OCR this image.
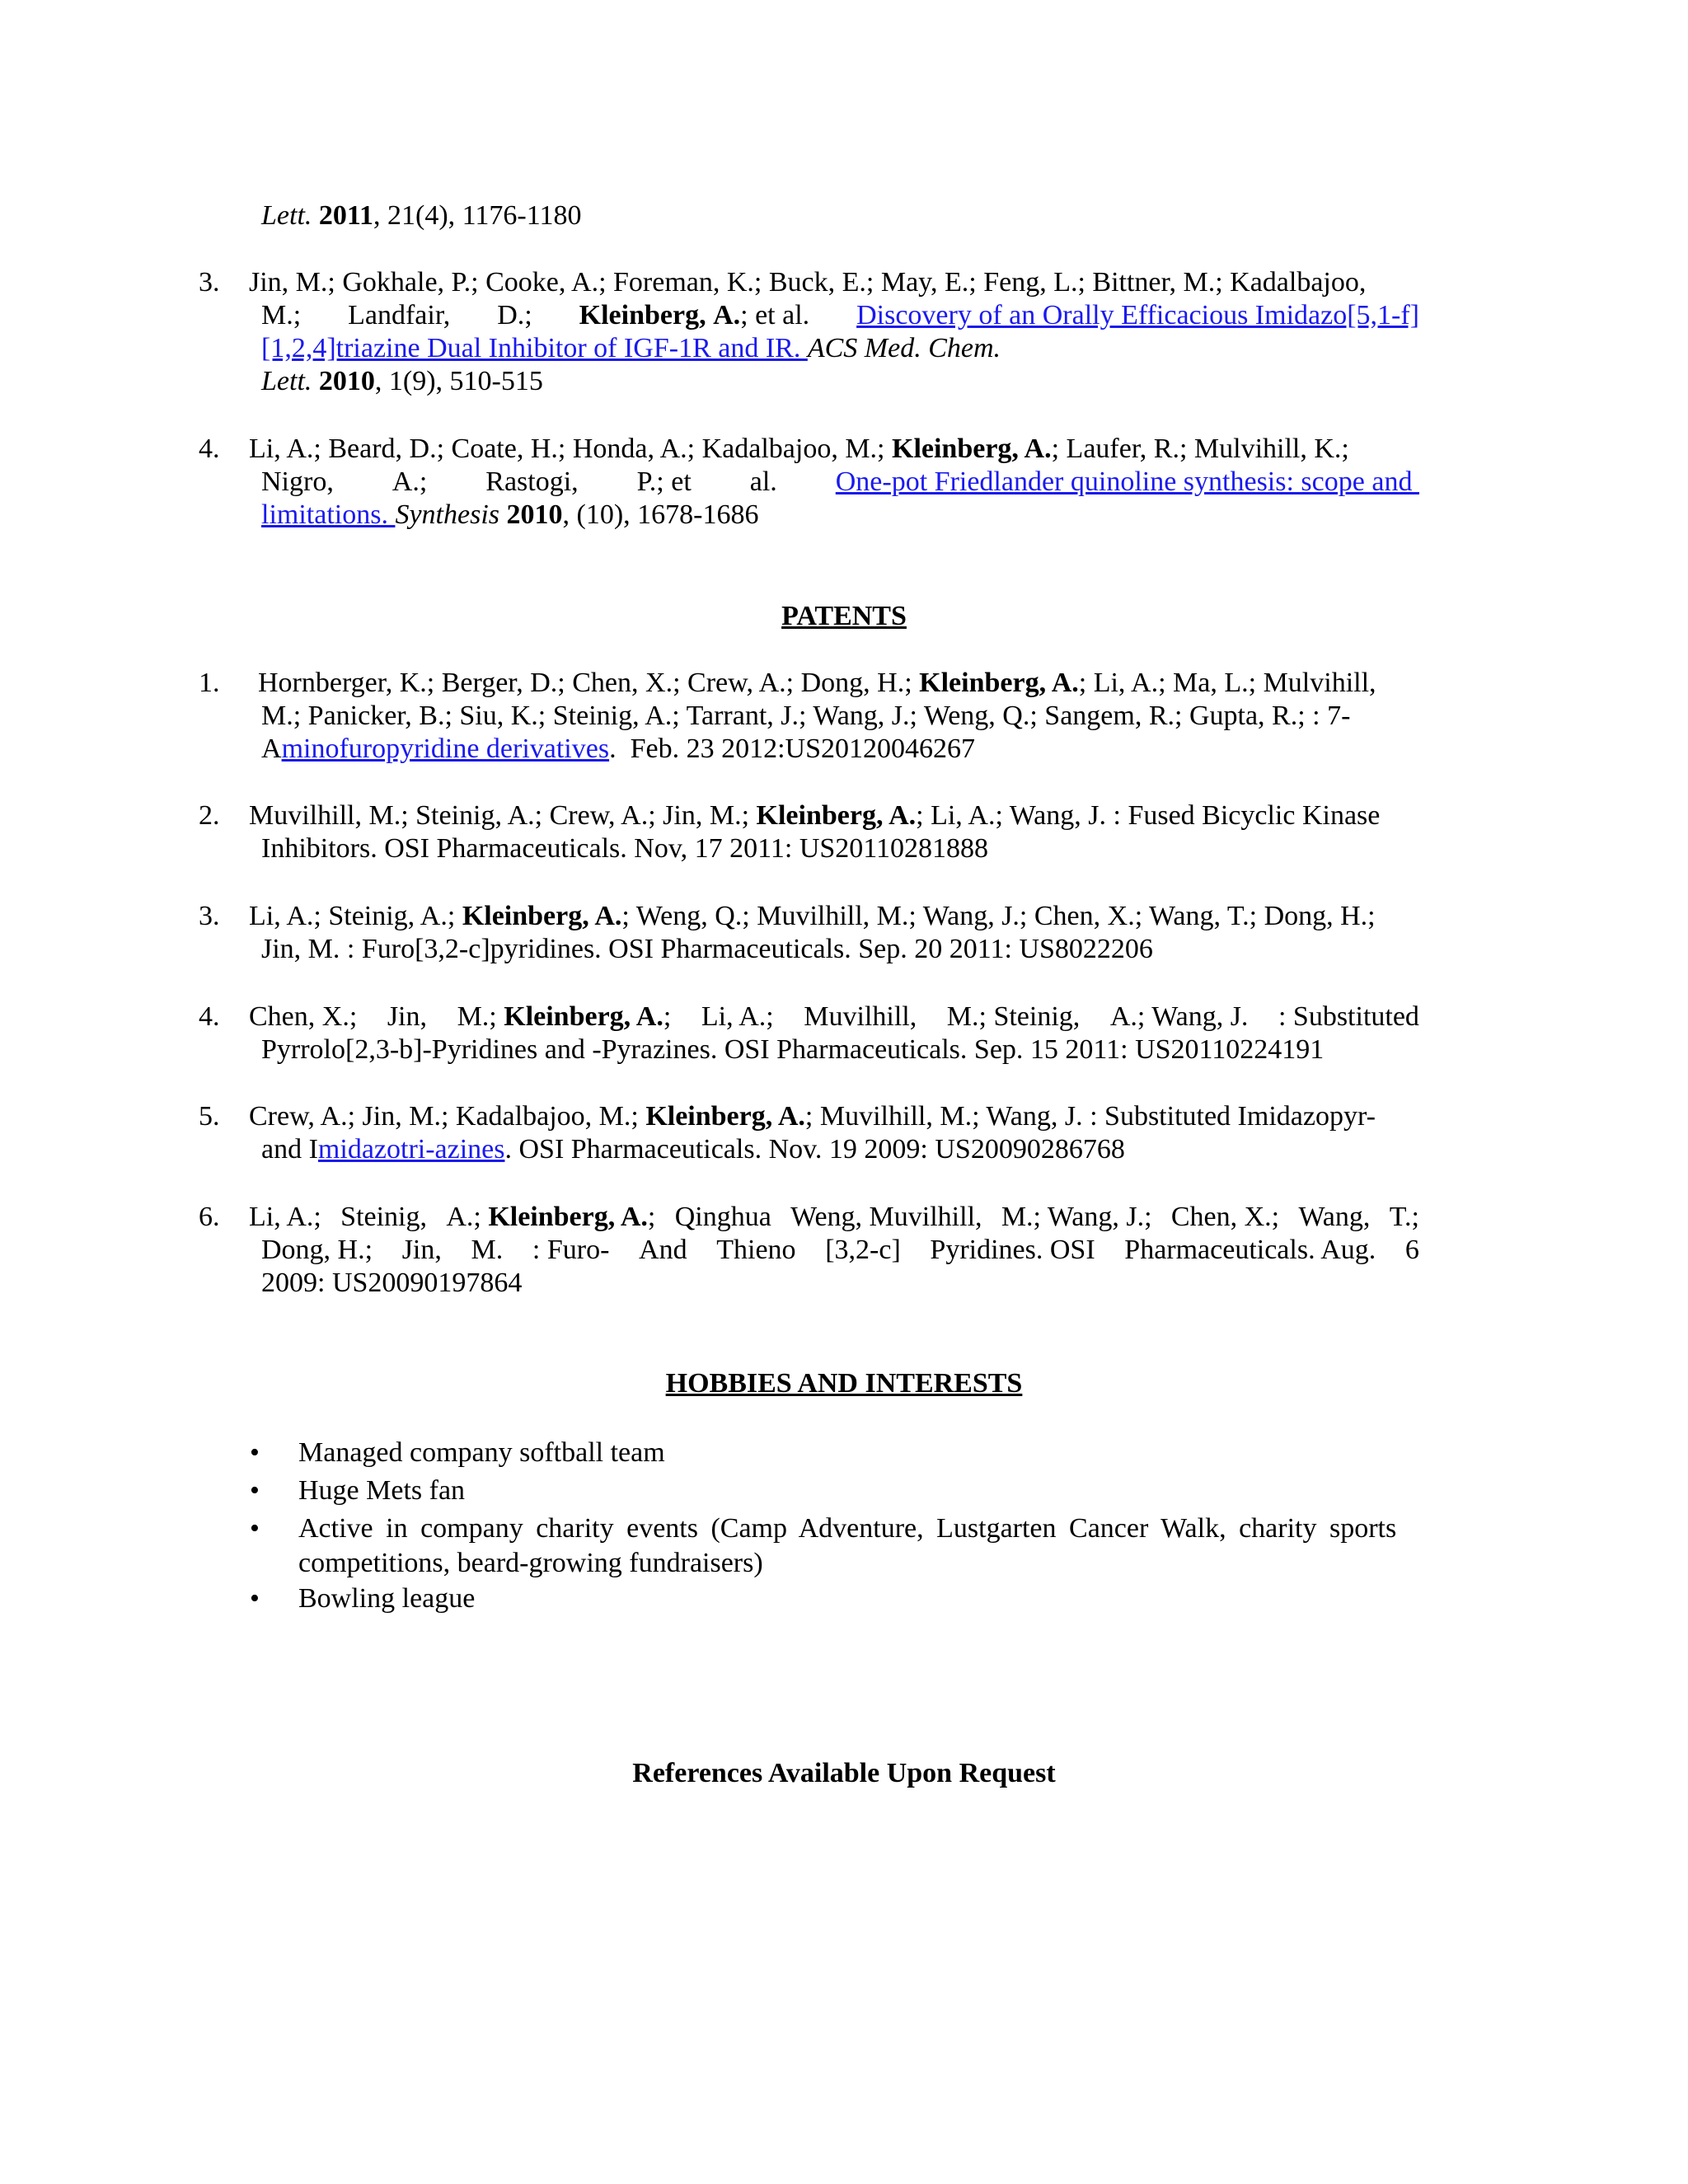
Lett. 2011, 21(4), 1176-1180
3. Jin, M.; Gokhale, P.; Cooke, A.; Foreman, K.; Buck, E.; May, E.; Feng, L.; Bittner, M.; Kadalbajoo,
M.; Landfair, D.; Kleinberg, A.; et al. Discovery of an Orally Efficacious Imidazo[5,1-f]
[1,2,4]triazine Dual Inhibitor of IGF-1R and IR. ACS Med. Chem.
Lett. 2010, 1(9), 510-515
4. Li, A.; Beard, D.; Coate, H.; Honda, A.; Kadalbajoo, M.; Kleinberg, A.; Laufer, R.; Mulvihill, K.;
Nigro, A.; Rastogi, P.; et al. One-pot Friedlander quinoline synthesis: scope and
limitations. Synthesis 2010, (10), 1678-1686
PATENTS
1. Hornberger, K.; Berger, D.; Chen, X.; Crew, A.; Dong, H.; Kleinberg, A.; Li, A.; Ma, L.; Mulvihill,
M.; Panicker, B.; Siu, K.; Steinig, A.; Tarrant, J.; Wang, J.; Weng, Q.; Sangem, R.; Gupta, R.; : 7-
Aminofuropyridine derivatives.  Feb. 23 2012:US20120046267
2. Muvilhill, M.; Steinig, A.; Crew, A.; Jin, M.; Kleinberg, A.; Li, A.; Wang, J. : Fused Bicyclic Kinase
Inhibitors. OSI Pharmaceuticals. Nov, 17 2011: US20110281888
3. Li, A.; Steinig, A.; Kleinberg, A.; Weng, Q.; Muvilhill, M.; Wang, J.; Chen, X.; Wang, T.; Dong, H.;
Jin, M. : Furo[3,2-c]pyridines. OSI Pharmaceuticals. Sep. 20 2011: US8022206
4. Chen, X.; Jin, M.; Kleinberg, A.; Li, A.; Muvilhill, M.; Steinig, A.; Wang, J. : Substituted
Pyrrolo[2,3-b]-Pyridines and -Pyrazines. OSI Pharmaceuticals. Sep. 15 2011: US20110224191
5. Crew, A.; Jin, M.; Kadalbajoo, M.; Kleinberg, A.; Muvilhill, M.; Wang, J. : Substituted Imidazopyr-
and Imidazotri-azines. OSI Pharmaceuticals. Nov. 19 2009: US20090286768
6. Li, A.; Steinig, A.; Kleinberg, A.; Qinghua Weng, Muvilhill, M.; Wang, J.; Chen, X.; Wang, T.;
Dong, H.; Jin, M. : Furo- And Thieno [3,2-c] Pyridines. OSI Pharmaceuticals. Aug. 6
2009: US20090197864
HOBBIES AND INTERESTS
• Managed company softball team
• Huge Mets fan
• Active in company charity events (Camp Adventure, Lustgarten Cancer Walk, charity sports
competitions, beard-growing fundraisers)
• Bowling league
References Available Upon Request
